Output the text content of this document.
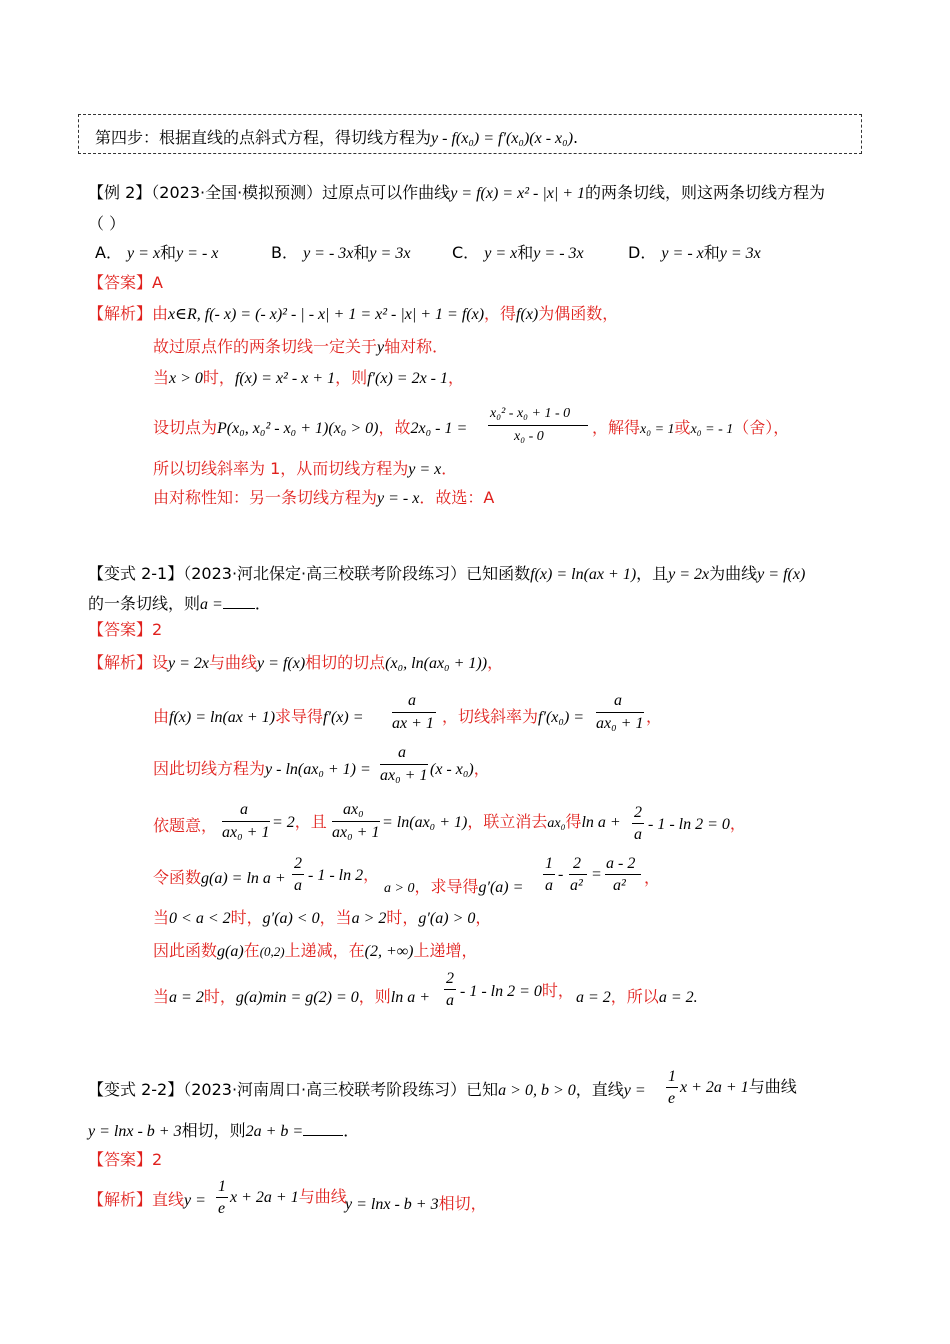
第四步：根据直线的点斜式方程，得切线方程为y - f(x₀) = f′(x₀)(x - x₀).
【例 2】（2023·全国·模拟预测）过原点可以作曲线y = f(x) = x² - |x| + 1的两条切线，则这两条切线方程为
（ ）
A． y = x和y = - x	B． y = - 3x和y = 3x	C． y = x和y = - 3x	D． y = - x和y = 3x
【答案】A
【解析】由x∈R, f(- x) = (- x)² - | - x| + 1 = x² - |x| + 1 = f(x)，得f(x)为偶函数，
故过原点作的两条切线一定关于y轴对称．
当x > 0时，f(x) = x² - x + 1，则f′(x) = 2x - 1，
设切点为P(x₀, x₀² - x₀ + 1)(x₀ > 0)，故2x₀ - 1 =
x₀² - x₀ + 1 - 0
x₀ - 0	，解得x₀ = 1或x₀ = - 1（舍），
所以切线斜率为 1，从而切线方程为y = x．
由对称性知：另一条切线方程为y = - x．故选：A
【变式 2-1】（2023·河北保定·高三校联考阶段练习）已知函数f(x) = ln(ax + 1)，且y = 2x为曲线y = f(x)
的一条切线，则a = ．
【答案】2
【解析】设y = 2x与曲线y = f(x)相切的切点(x₀, ln(ax₀ + 1))，
由f(x) = ln(ax + 1)求导得f′(x) =
a
ax + 1 ，切线斜率为f′(x₀) =
a
ax₀ + 1 ，
因此切线方程为y - ln(ax₀ + 1) =
a
ax₀ + 1 (x - x₀)，
依题意，
a
ax₀ + 1
= 2，且
ax₀
ax₀ + 1
= ln(ax₀ + 1)，联立消去ax₀得ln a +
2
a
- 1 - ln 2 = 0，
令函数g(a) = ln a +
2
a
- 1 - ln 2，
a > 0，求导得g′(a) =
1
a
-
2
a²
=
a - 2
a² ，
当0 < a < 2时，g′(a) < 0，当a > 2时，g′(a) > 0，
因此函数g(a)在(0,2)上递减，在(2, +∞)上递增，
当a = 2时，g(a)min = g(2) = 0，则ln a +
2
a
- 1 - ln 2 = 0时， a = 2，所以a = 2.
【变式 2-2】（2023·河南周口·高三校联考阶段练习）已知a > 0, b > 0，直线y =
1
e
x + 2a + 1与曲线
y = lnx - b + 3相切，则2a + b =	．
【答案】2
【解析】直线y =
1
e
x + 2a + 1与曲线
y = lnx - b + 3相切，
